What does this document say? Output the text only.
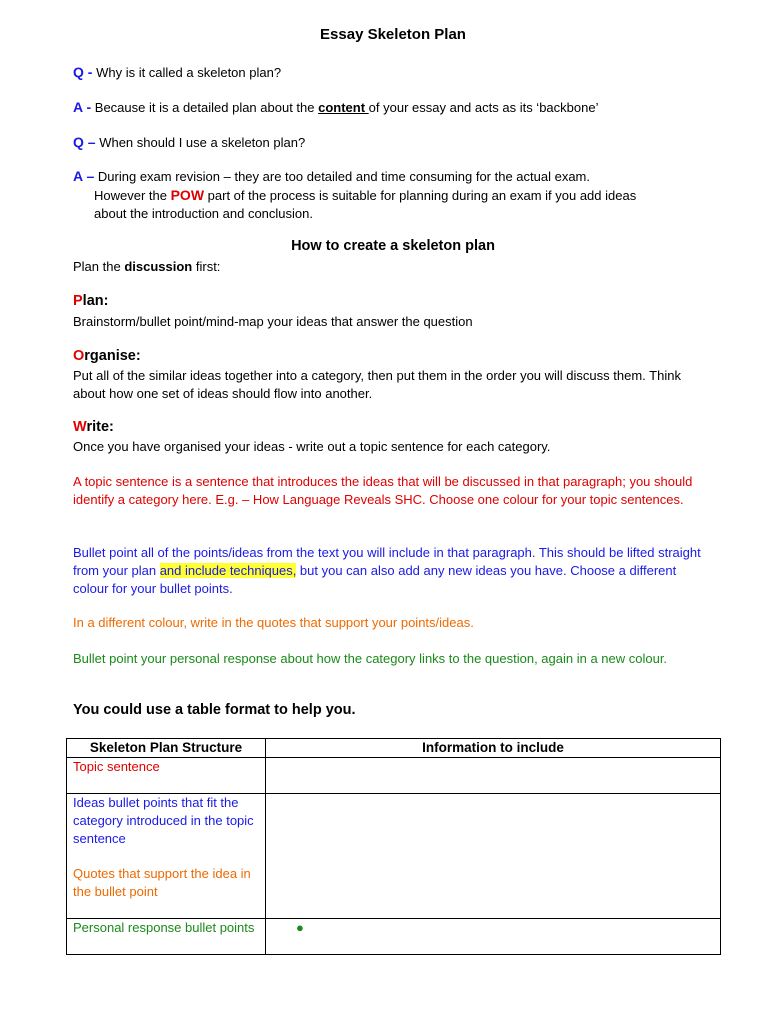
Essay Skeleton Plan
Q - Why is it called a skeleton plan?
A - Because it is a detailed plan about the content of your essay and acts as its ‘backbone’
Q – When should I use a skeleton plan?
A – During exam revision – they are too detailed and time consuming for the actual exam.
However the POW part of the process is suitable for planning during an exam if you add ideas
about the introduction and conclusion.
How to create a skeleton plan
Plan the discussion first:
Plan:
Brainstorm/bullet point/mind-map your ideas that answer the question
Organise:
Put all of the similar ideas together into a category, then put them in the order you will discuss them. Think about how one set of ideas should flow into another.
Write:
Once you have organised your ideas - write out a topic sentence for each category.
A topic sentence is a sentence that introduces the ideas that will be discussed in that paragraph; you should identify a category here. E.g. – How Language Reveals SHC. Choose one colour for your topic sentences.
Bullet point all of the points/ideas from the text you will include in that paragraph. This should be lifted straight from your plan and include techniques, but you can also add any new ideas you have. Choose a different colour for your bullet points.
In a different colour, write in the quotes that support your points/ideas.
Bullet point your personal response about how the category links to the question, again in a new colour.
You could use a table format to help you.
Skeleton Plan Structure	Information to include
Topic sentence	

Ideas bullet points that fit the category introduced in the topic sentence
Quotes that support the idea in the bullet point	

Personal response bullet points	●
